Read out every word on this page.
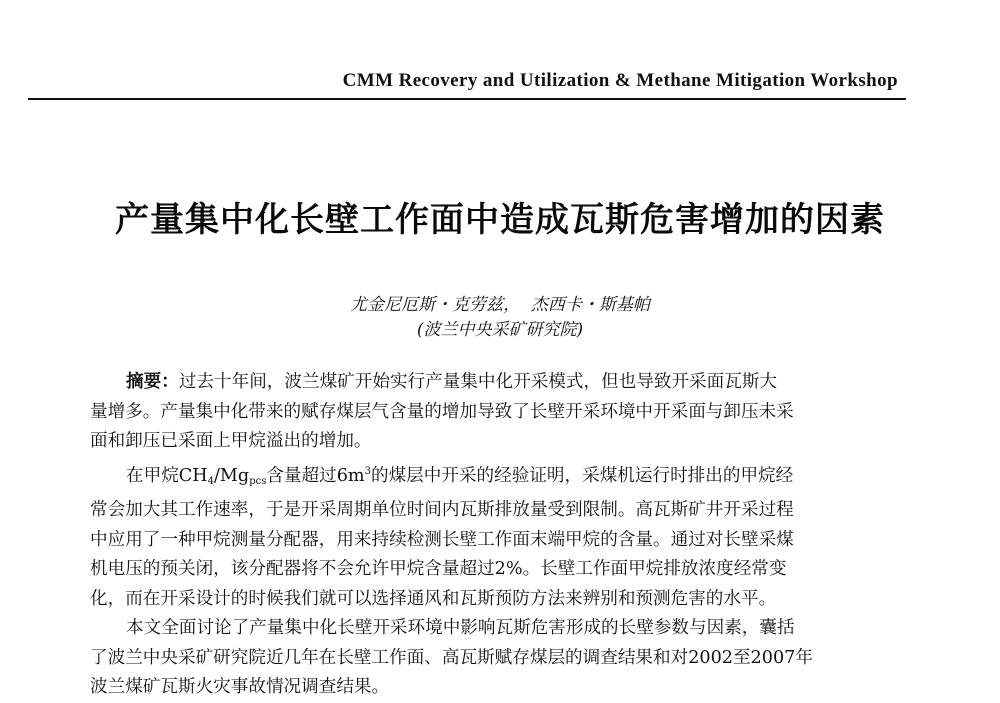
CMM Recovery and Utilization & Methane Mitigation Workshop
产量集中化长壁工作面中造成瓦斯危害增加的因素
尤金尼厄斯・克劳兹，  杰西卡・斯基帕
(波兰中央采矿研究院)

摘要：过去十年间，波兰煤矿开始实行产量集中化开采模式，但也导致开采面瓦斯大
量增多。产量集中化带来的赋存煤层气含量的增加导致了长壁开采环境中开采面与卸压未采
面和卸压已采面上甲烷溢出的增加。

在甲烷$CH_4/Mg_{pcs}$含量超过$6m^3$的煤层中开采的经验证明，采煤机运行时排出的甲烷经
常会加大其工作速率，于是开采周期单位时间内瓦斯排放量受到限制。高瓦斯矿井开采过程
中应用了一种甲烷测量分配器，用来持续检测长壁工作面末端甲烷的含量。通过对长壁采煤
机电压的预关闭，该分配器将不会允许甲烷含量超过2%。长壁工作面甲烷排放浓度经常变
化，而在开采设计的时候我们就可以选择通风和瓦斯预防方法来辨别和预测危害的水平。

本文全面讨论了产量集中化长壁开采环境中影响瓦斯危害形成的长壁参数与因素，囊括
了波兰中央采矿研究院近几年在长壁工作面、高瓦斯赋存煤层的调查结果和对2002至2007年
波兰煤矿瓦斯火灾事故情况调查结果。
